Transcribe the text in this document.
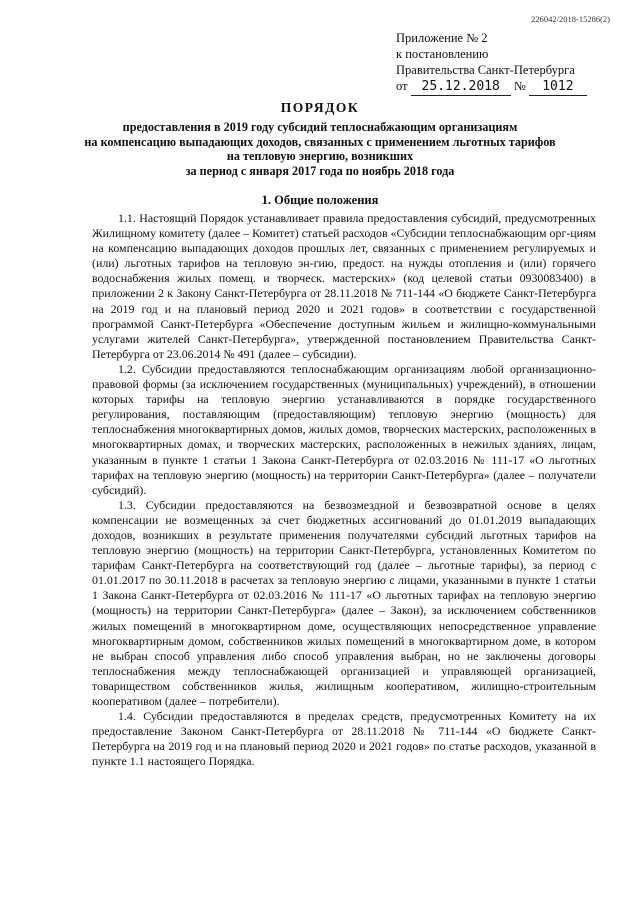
226042/2018-15286(2)
Приложение № 2
к постановлению
Правительства Санкт-Петербурга
от 25.12.2018 № 1012
ПОРЯДОК
предоставления в 2019 году субсидий теплоснабжающим организациям
на компенсацию выпадающих доходов, связанных с применением льготных тарифов
на тепловую энергию, возникших
за период с января 2017 года по ноябрь 2018 года
1. Общие положения

1.1. Настоящий Порядок устанавливает правила предоставления субсидий, предусмотренных Жилищному комитету (далее – Комитет) статьей расходов «Субсидии теплоснабжающим орг-циям на компенсацию выпадающих доходов прошлых лет, связанных с применением регулируемых и (или) льготных тарифов на тепловую эн-гию, предост. на нужды отопления и (или) горячего водоснабжения жилых помещ. и творческ. мастерских» (код целевой статьи 0930083400) в приложении 2 к Закону Санкт-Петербурга от 28.11.2018 № 711-144 «О бюджете Санкт-Петербурга на 2019 год и на плановый период 2020 и 2021 годов» в соответствии с государственной программой Санкт-Петербурга «Обеспечение доступным жильем и жилищно-коммунальными услугами жителей Санкт-Петербурга», утвержденной постановлением Правительства Санкт-Петербурга от 23.06.2014 № 491 (далее – субсидии).

1.2. Субсидии предоставляются теплоснабжающим организациям любой организационно-правовой формы (за исключением государственных (муниципальных) учреждений), в отношении которых тарифы на тепловую энергию устанавливаются в порядке государственного регулирования, поставляющим (предоставляющим) тепловую энергию (мощность) для теплоснабжения многоквартирных домов, жилых домов, творческих мастерских, расположенных в многоквартирных домах, и творческих мастерских, расположенных в нежилых зданиях, лицам, указанным в пункте 1 статьи 1 Закона Санкт-Петербурга от 02.03.2016 № 111-17 «О льготных тарифах на тепловую энергию (мощность) на территории Санкт-Петербурга» (далее – получатели субсидий).

1.3. Субсидии предоставляются на безвозмездной и безвозвратной основе в целях компенсации не возмещенных за счет бюджетных ассигнований до 01.01.2019 выпадающих доходов, возникших в результате применения получателями субсидий льготных тарифов на тепловую энергию (мощность) на территории Санкт-Петербурга, установленных Комитетом по тарифам Санкт-Петербурга на соответствующий год (далее – льготные тарифы), за период с 01.01.2017 по 30.11.2018 в расчетах за тепловую энергию с лицами, указанными в пункте 1 статьи 1 Закона Санкт-Петербурга от 02.03.2016 № 111-17 «О льготных тарифах на тепловую энергию (мощность) на территории Санкт-Петербурга» (далее – Закон), за исключением собственников жилых помещений в многоквартирном доме, осуществляющих непосредственное управление многоквартирным домом, собственников жилых помещений в многоквартирном доме, в котором не выбран способ управления либо способ управления выбран, но не заключены договоры теплоснабжения между теплоснабжающей организацией и управляющей организацией, товариществом собственников жилья, жилищным кооперативом, жилищно-строительным кооперативом (далее – потребители).

1.4. Субсидии предоставляются в пределах средств, предусмотренных Комитету на их предоставление Законом Санкт-Петербурга от 28.11.2018 № 711-144 «О бюджете Санкт-Петербурга на 2019 год и на плановый период 2020 и 2021 годов» по статье расходов, указанной в пункте 1.1 настоящего Порядка.
